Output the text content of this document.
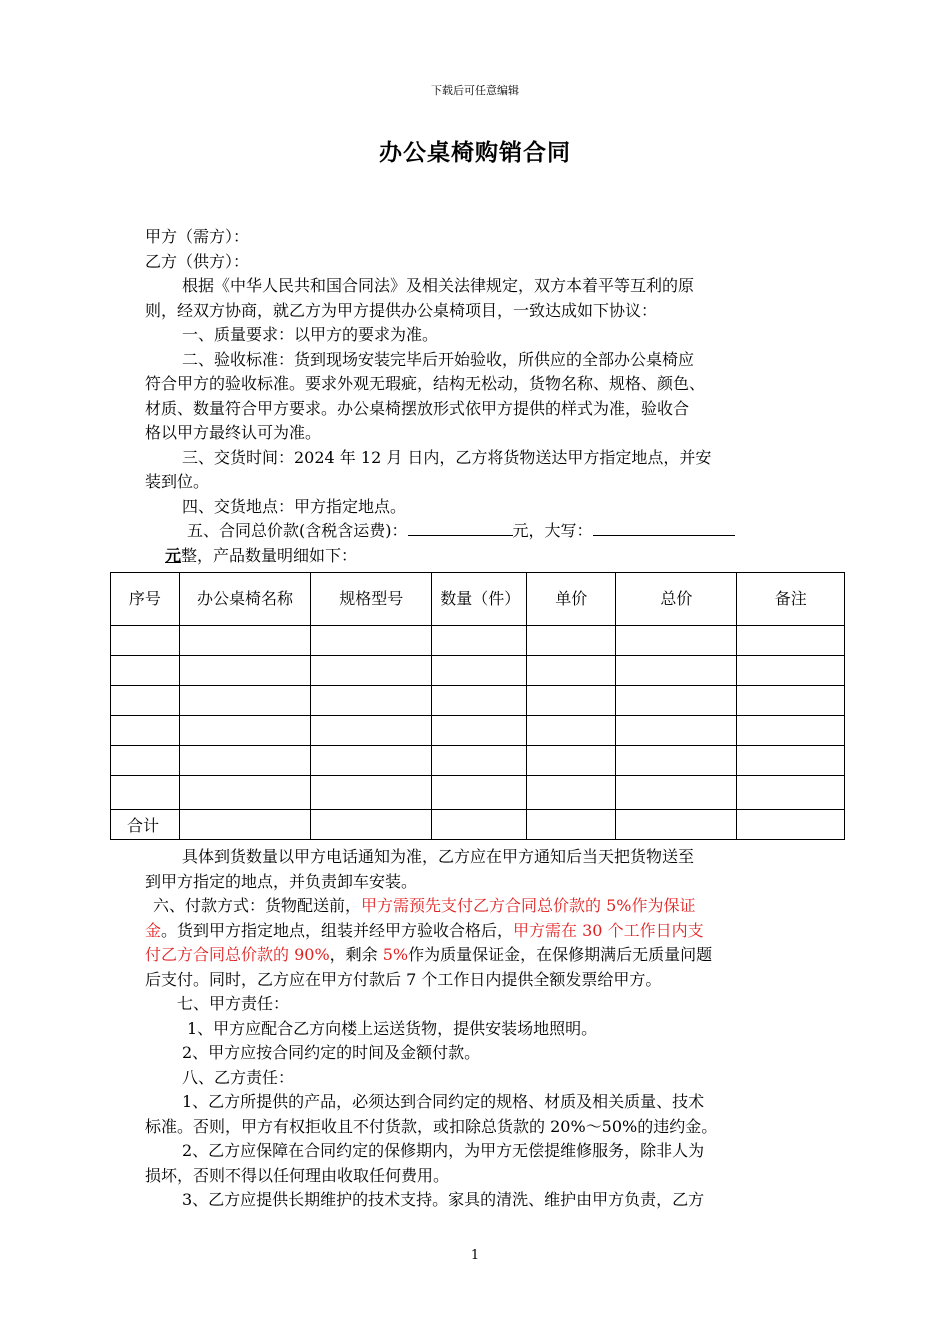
下载后可任意编辑
办公桌椅购销合同
甲方（需方）：
乙方（供方）：
根据《中华人民共和国合同法》及相关法律规定，双方本着平等互利的原
则，经双方协商，就乙方为甲方提供办公桌椅项目，一致达成如下协议：
一、质量要求：以甲方的要求为准。
二、验收标准：货到现场安装完毕后开始验收，所供应的全部办公桌椅应
符合甲方的验收标准。要求外观无瑕疵，结构无松动，货物名称、规格、颜色、
材质、数量符合甲方要求。办公桌椅摆放形式依甲方提供的样式为准，验收合
格以甲方最终认可为准。
三、交货时间：2024 年 12 月 日内，乙方将货物送达甲方指定地点，并安
装到位。
四、交货地点：甲方指定地点。
五、合同总价款(含税含运费)：	元，大写：
元整，产品数量明细如下：
序号	办公桌椅名称	规格型号	数量（件）	单价	总价	备注

合计						
具体到货数量以甲方电话通知为准，乙方应在甲方通知后当天把货物送至
到甲方指定的地点，并负责卸车安装。
六、付款方式：货物配送前，甲方需预先支付乙方合同总价款的 5%作为保证
金。货到甲方指定地点，组装并经甲方验收合格后，甲方需在 30 个工作日内支
付乙方合同总价款的 90%，剩余 5%作为质量保证金，在保修期满后无质量问题
后支付。同时，乙方应在甲方付款后 7 个工作日内提供全额发票给甲方。
七、甲方责任：
1、甲方应配合乙方向楼上运送货物，提供安装场地照明。
2、甲方应按合同约定的时间及金额付款。
八、乙方责任：
1、乙方所提供的产品，必须达到合同约定的规格、材质及相关质量、技术
标准。否则，甲方有权拒收且不付货款，或扣除总货款的 20%～50%的违约金。
2、乙方应保障在合同约定的保修期内，为甲方无偿提维修服务，除非人为
损坏，否则不得以任何理由收取任何费用。
3、乙方应提供长期维护的技术支持。家具的清洗、维护由甲方负责，乙方
1
